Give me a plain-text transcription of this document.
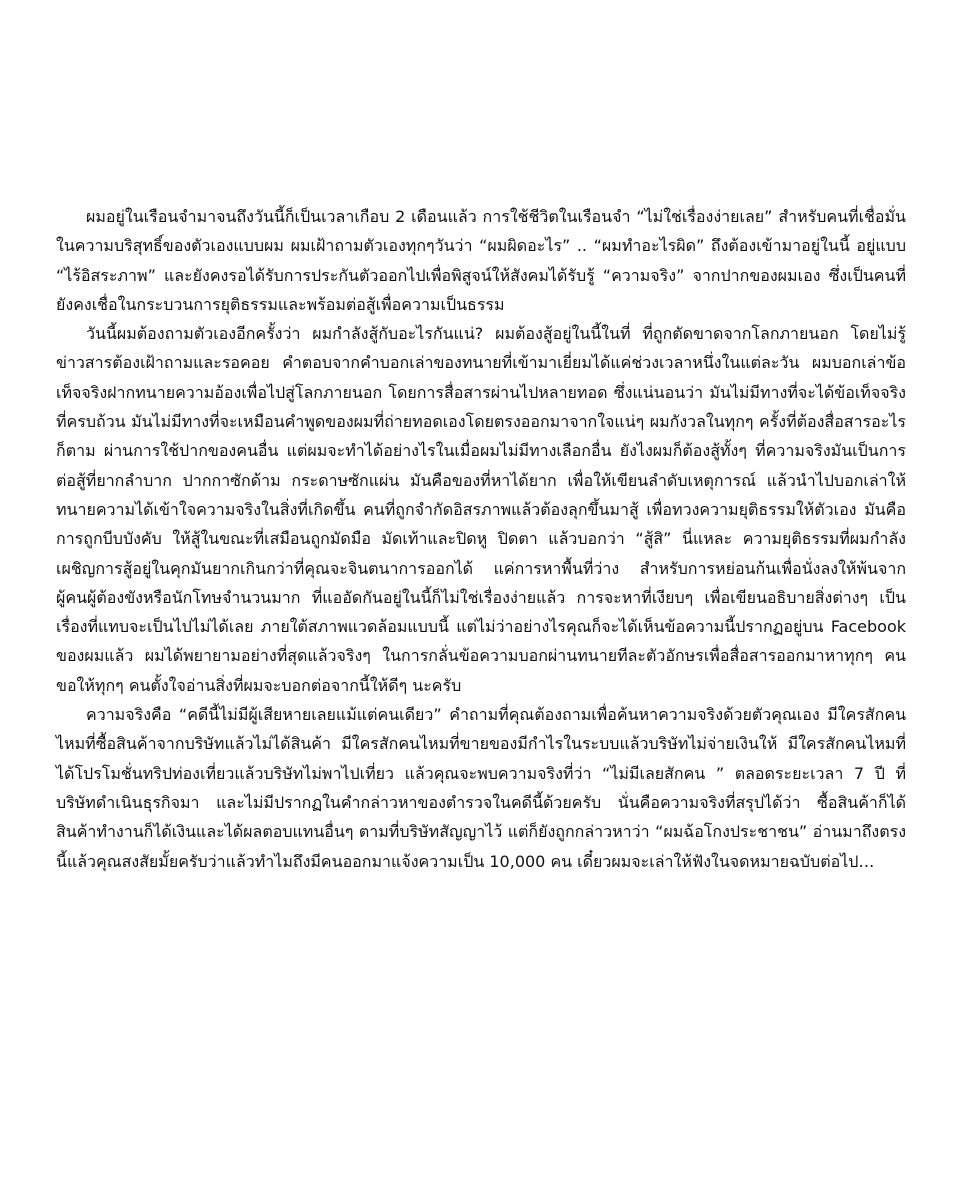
ผมอยู่ในเรือนจำมาจนถึงวันนี้ก็เป็นเวลาเกือบ 2 เดือนแล้ว การใช้ชีวิตในเรือนจำ “ไม่ใช่เรื่องง่ายเลย” สำหรับคนที่เชื่อมั่นในความบริสุทธิ์ของตัวเองแบบผม ผมเฝ้าถามตัวเองทุกๆวันว่า “ผมผิดอะไร” .. “ผมทำอะไรผิด” ถึงต้องเข้ามาอยู่ในนี้ อยู่แบบ “ไร้อิสระภาพ” และยังคงรอได้รับการประกันตัวออกไปเพื่อพิสูจน์ให้สังคมได้รับรู้ “ความจริง” จากปากของผมเอง ซึ่งเป็นคนที่ยังคงเชื่อในกระบวนการยุติธรรมและพร้อมต่อสู้เพื่อความเป็นธรรม

วันนี้ผมต้องถามตัวเองอีกครั้งว่า ผมกำลังสู้กับอะไรกันแน่? ผมต้องสู้อยู่ในนี้ในที่ ที่ถูกตัดขาดจากโลกภายนอก โดยไม่รู้ข่าวสารต้องเฝ้าถามและรอคอย คำตอบจากคำบอกเล่าของทนายที่เข้ามาเยี่ยมได้แค่ช่วงเวลาหนึ่งในแต่ละวัน ผมบอกเล่าข้อเท็จจริงฝากทนายความอ้องเพื่อไปสู่โลกภายนอก โดยการสื่อสารผ่านไปหลายทอด ซึ่งแน่นอนว่า มันไม่มีทางที่จะได้ข้อเท็จจริงที่ครบถ้วน มันไม่มีทางที่จะเหมือนคำพูดของผมที่ถ่ายทอดเองโดยตรงออกมาจากใจแน่ๆ ผมกังวลในทุกๆ ครั้งที่ต้องสื่อสารอะไรก็ตาม ผ่านการใช้ปากของคนอื่น แต่ผมจะทำได้อย่างไรในเมื่อผมไม่มีทางเลือกอื่น ยังไงผมก็ต้องสู้ทั้งๆ ที่ความจริงมันเป็นการต่อสู้ที่ยากลำบาก ปากกาซักด้าม กระดาษซักแผ่น มันคือของที่หาได้ยาก เพื่อให้เขียนลำดับเหตุการณ์ แล้วนำไปบอกเล่าให้ทนายความได้เข้าใจความจริงในสิ่งที่เกิดขึ้น คนที่ถูกจำกัดอิสรภาพแล้วต้องลุกขึ้นมาสู้ เพื่อทวงความยุติธรรมให้ตัวเอง มันคือการถูกบีบบังคับ ให้สู้ในขณะที่เสมือนถูกมัดมือ มัดเท้าและปิดหู ปิดตา แล้วบอกว่า “สู้สิ” นี่แหละ ความยุติธรรมที่ผมกำลังเผชิญการสู้อยู่ในคุกมันยากเกินกว่าที่คุณจะจินตนาการออกได้ แค่การหาพื้นที่ว่าง สำหรับการหย่อนก้นเพื่อนั่งลงให้พ้นจากผู้คนผู้ต้องขังหรือนักโทษจำนวนมาก ที่แออัดกันอยู่ในนี้ก็ไม่ใช่เรื่องง่ายแล้ว การจะหาที่เงียบๆ เพื่อเขียนอธิบายสิ่งต่างๆ เป็นเรื่องที่แทบจะเป็นไปไม่ได้เลย ภายใต้สภาพแวดล้อมแบบนี้ แต่ไม่ว่าอย่างไรคุณก็จะได้เห็นข้อความนี้ปรากฏอยู่บน Facebook ของผมแล้ว ผมได้พยายามอย่างที่สุดแล้วจริงๆ ในการกลั่นข้อความบอกผ่านทนายทีละตัวอักษรเพื่อสื่อสารออกมาหาทุกๆ คน ขอให้ทุกๆ คนตั้งใจอ่านสิ่งที่ผมจะบอกต่อจากนี้ให้ดีๆ นะครับ

ความจริงคือ “คดีนี้ไม่มีผู้เสียหายเลยแม้แต่คนเดียว” คำถามที่คุณต้องถามเพื่อค้นหาความจริงด้วยตัวคุณเอง มีใครสักคนไหมที่ซื้อสินค้าจากบริษัทแล้วไม่ได้สินค้า มีใครสักคนไหมที่ขายของมีกำไรในระบบแล้วบริษัทไม่จ่ายเงินให้ มีใครสักคนไหมที่ได้โปรโมชั่นทริปท่องเที่ยวแล้วบริษัทไม่พาไปเที่ยว แล้วคุณจะพบความจริงที่ว่า “ไม่มีเลยสักคน ” ตลอดระยะเวลา 7 ปี ที่บริษัทดำเนินธุรกิจมา และไม่มีปรากฏในคำกล่าวหาของตำรวจในคดีนี้ด้วยครับ นั่นคือความจริงที่สรุปได้ว่า ซื้อสินค้าก็ได้สินค้าทำงานก็ได้เงินและได้ผลตอบแทนอื่นๆ ตามที่บริษัทสัญญาไว้ แต่ก็ยังถูกกล่าวหาว่า “ผมฉ้อโกงประชาชน” อ่านมาถึงตรงนี้แล้วคุณสงสัยมั้ยครับว่าแล้วทำไมถึงมีคนออกมาแจ้งความเป็น 10,000 คน เดี๋ยวผมจะเล่าให้ฟังในจดหมายฉบับต่อไป…
